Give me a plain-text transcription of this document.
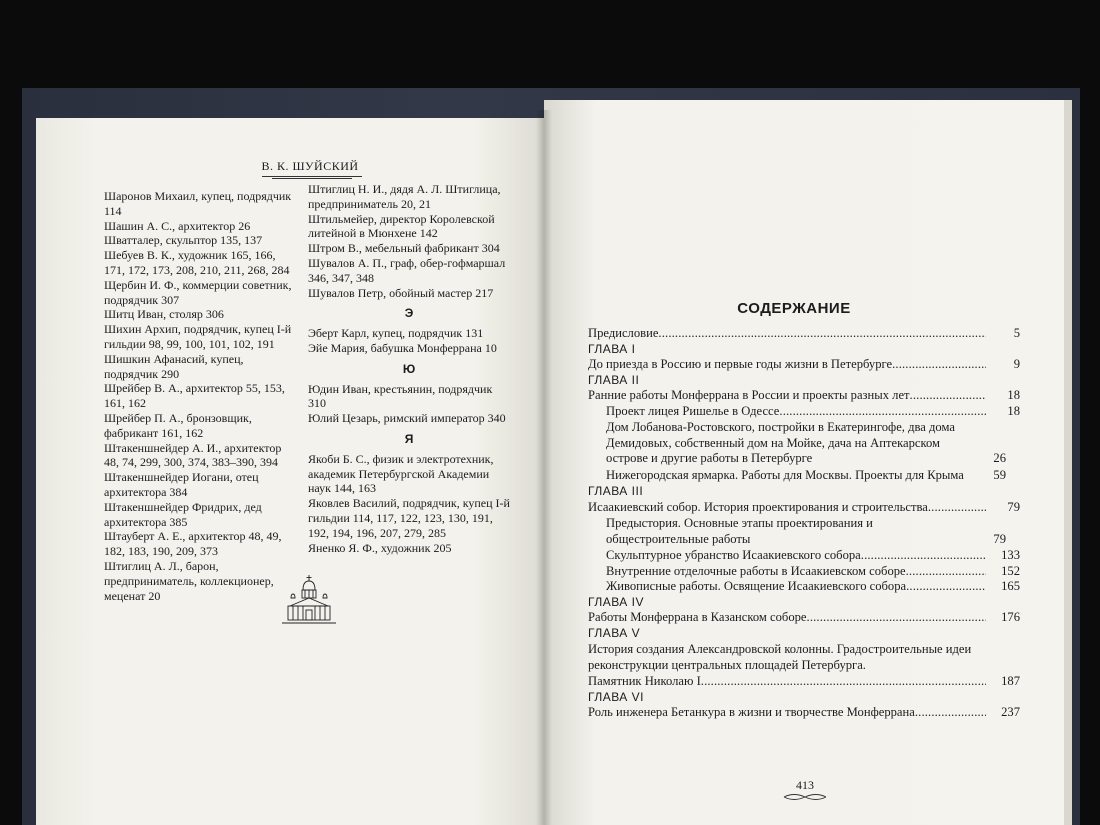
В. К. ШУЙСКИЙ
Шаронов Михаил, купец, подрядчик 114
Шашин А. С., архитектор 26
Шваттaлер, скульптор 135, 137
Шебуев В. К., художник 165, 166, 171, 172, 173, 208, 210, 211, 268, 284
Щербин И. Ф., коммерции советник, подрядчик 307
Шитц Иван, столяр 306
Шихин Архип, подрядчик, купец I-й гильдии 98, 99, 100, 101, 102, 191
Шишкин Афанасий, купец, подрядчик 290
Шрейбер В. А., архитектор 55, 153, 161, 162
Шрейбер П. А., бронзовщик, фабрикант 161, 162
Штакеншнейдер А. И., архитектор 48, 74, 299, 300, 374, 383–390, 394
Штакеншнейдер Иогани, отец архитектора 384
Штакеншнейдер Фридрих, дед архитектора 385
Штауберт А. Е., архитектор 48, 49, 182, 183, 190, 209, 373
Штиглиц А. Л., барон, предприниматель, коллекционер, меценат 20
Штиглиц Н. И., дядя А. Л. Штиглица, предприниматель 20, 21
Штильмейер, директор Королевской литейной в Мюнхене 142
Штром В., мебельный фабрикант 304
Шувалов А. П., граф, обер-гофмаршал 346, 347, 348
Шувалов Петр, обойный мастер 217
Э
Эберт Карл, купец, подрядчик 131
Эйе Мария, бабушка Монферрана 10
Ю
Юдин Иван, крестьянин, подрядчик 310
Юлий Цезарь, римский император 340
Я
Якоби Б. С., физик и электротехник, академик Петербургской Академии наук 144, 163
Яковлев Василий, подрядчик, купец I-й гильдии 114, 117, 122, 123, 130, 191, 192, 194, 196, 207, 279, 285
Яненко Я. Ф., художник 205
СОДЕРЖАНИЕ
Предисловие . . .	5
ГЛАВА I
До приезда в Россию и первые годы жизни в Петербурге . . .	9
ГЛАВА II
Ранние работы Монферрана в России и проекты разных лет . . .	18
Проект лицея Ришелье в Одессе . . .	18
Дом Лобанова-Ростовского, постройки в Екатерингофе, два дома Демидовых, собственный дом на Мойке, дача на Аптекарском острове и другие работы в Петербурге	26
Нижегородская ярмарка. Работы для Москвы. Проекты для Крыма	59
ГЛАВА III
Исаакиевский собор. История проектирования и строительства . . .	79
Предыстория. Основные этапы проектирования и общестроительные работы	79
Скульптурное убранство Исаакиевского собора . . .	133
Внутренние отделочные работы в Исаакиевском соборе . . .	152
Живописные работы. Освящение Исаакиевского собора . . .	165
ГЛАВА IV
Работы Монферрана в Казанском соборе . . .	176
ГЛАВА V
История создания Александровской колонны. Градостроительные идеи реконструкции центральных площадей Петербурга.
Памятник Николаю I . . .	187
ГЛАВА VI
Роль инженера Бетанкура в жизни и творчестве Монферрана . . .	237
413
